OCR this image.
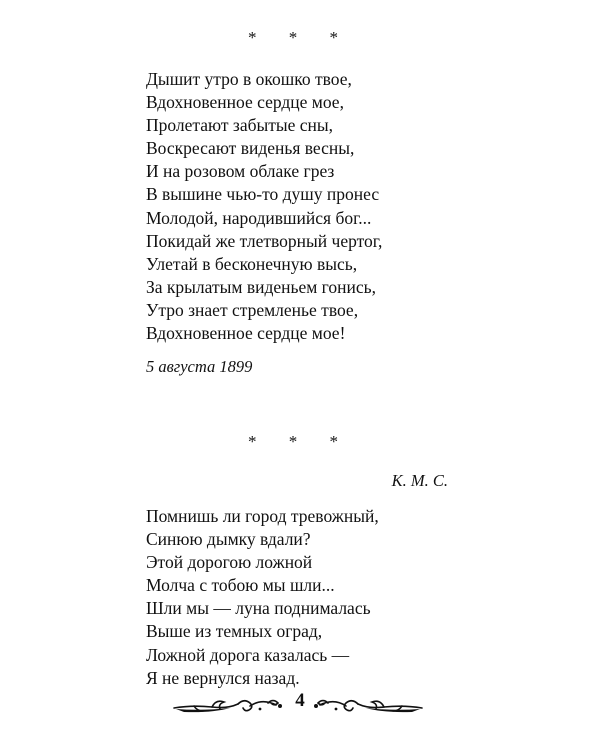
* * *
Дышит утро в окошко твое,
Вдохновенное сердце мое,
Пролетают забытые сны,
Воскресают виденья весны,
И на розовом облаке грез
В вышине чью-то душу пронес
Молодой, народившийся бог...
Покидай же тлетворный чертог,
Улетай в бесконечную высь,
За крылатым виденьем гонись,
Утро знает стремленье твое,
Вдохновенное сердце мое!
5 августа 1899
* * *
К. М. С.
Помнишь ли город тревожный,
Синюю дымку вдали?
Этой дорогою ложной
Молча с тобою мы шли...
Шли мы — луна поднималась
Выше из темных оград,
Ложной дорога казалась —
Я не вернулся назад.
4
